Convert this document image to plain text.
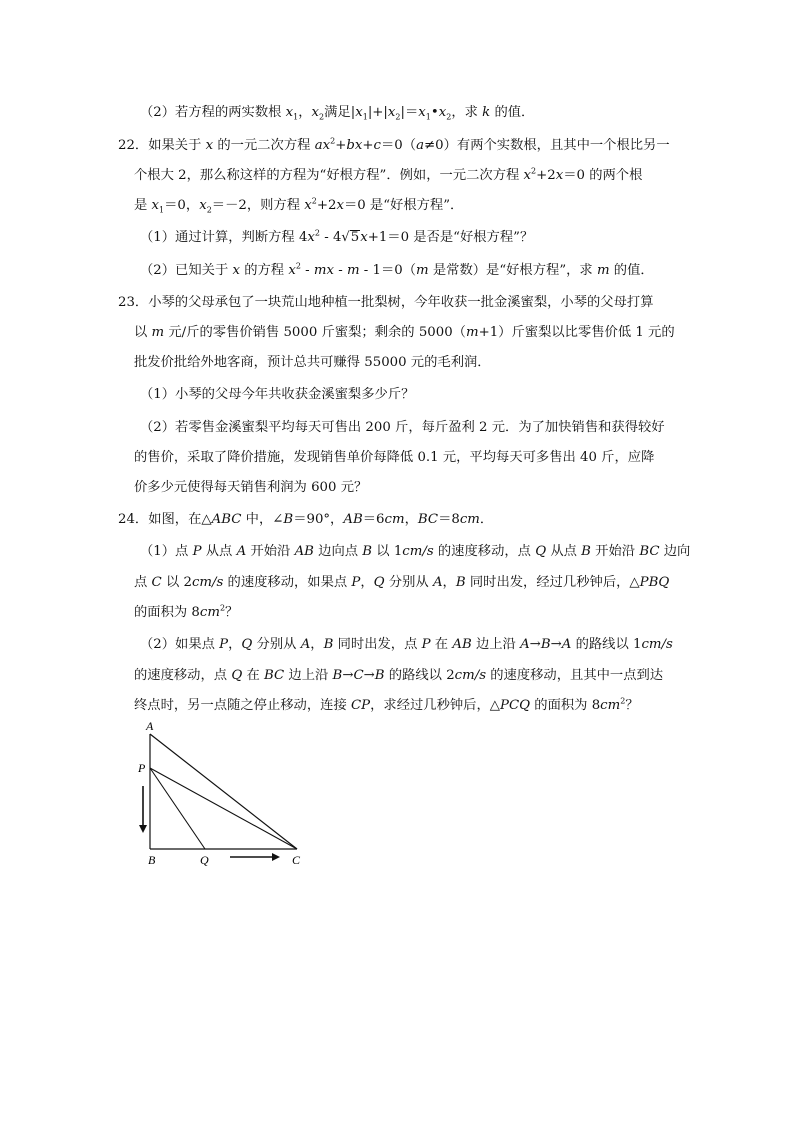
（2）若方程的两实数根 $x_1$，$x_2$满足$|x_1|+|x_2|=x_1•x_2$，求 k 的值．
22．如果关于 x 的一元二次方程 $ax^2+bx+c=0(a\ne 0)$有两个实数根，且其中一个根比另一
个根大 2，那么称这样的方程为“好根方程”．例如，一元二次方程 $x^2+2x=0$ 的两个根
是 $x_1=0$，$x_2=-2$，则方程 $x^2+2x=0$ 是“好根方程”．
（1）通过计算，判断方程 $4x^2 - 4√5x+1=0$ 是否是“好根方程”？
（2）已知关于 x 的方程 $x^2$ - mx - m - 1＝0（m 是常数）是“好根方程”，求 m 的值．
23．小琴的父母承包了一块荒山地种植一批梨树，今年收获一批金溪蜜梨，小琴的父母打算
以 m 元/斤的零售价销售 5000 斤蜜梨；剩余的 5000（m+1）斤蜜梨以比零售价低 1 元的
批发价批给外地客商，预计总共可赚得 55000 元的毛利润．
（1）小琴的父母今年共收获金溪蜜梨多少斤？
（2）若零售金溪蜜梨平均每天可售出 200 斤，每斤盈利 2 元．为了加快销售和获得较好
的售价，采取了降价措施，发现销售单价每降低 0.1 元，平均每天可多售出 40 斤，应降
价多少元使得每天销售利润为 600 元？
24．如图，在△ABC 中，∠B＝90°，AB＝6cm，BC＝8cm．
（1）点 P 从点 A 开始沿 AB 边向点 B 以 1cm/s 的速度移动，点 Q 从点 B 开始沿 BC 边向
点 C 以 2cm/s 的速度移动，如果点 P，Q 分别从 A，B 同时出发，经过几秒钟后，△PBQ
的面积为 $8cm^2$？
（2）如果点 P，Q 分别从 A，B 同时出发，点 P 在 AB 边上沿 A→B→A 的路线以 1cm/s
的速度移动，点 Q 在 BC 边上沿 B→C→B 的路线以 2cm/s 的速度移动，且其中一点到达
终点时，另一点随之停止移动，连接 CP，求经过几秒钟后，△PCQ 的面积为 $8cm^2$？
A
P
B	Q	C
